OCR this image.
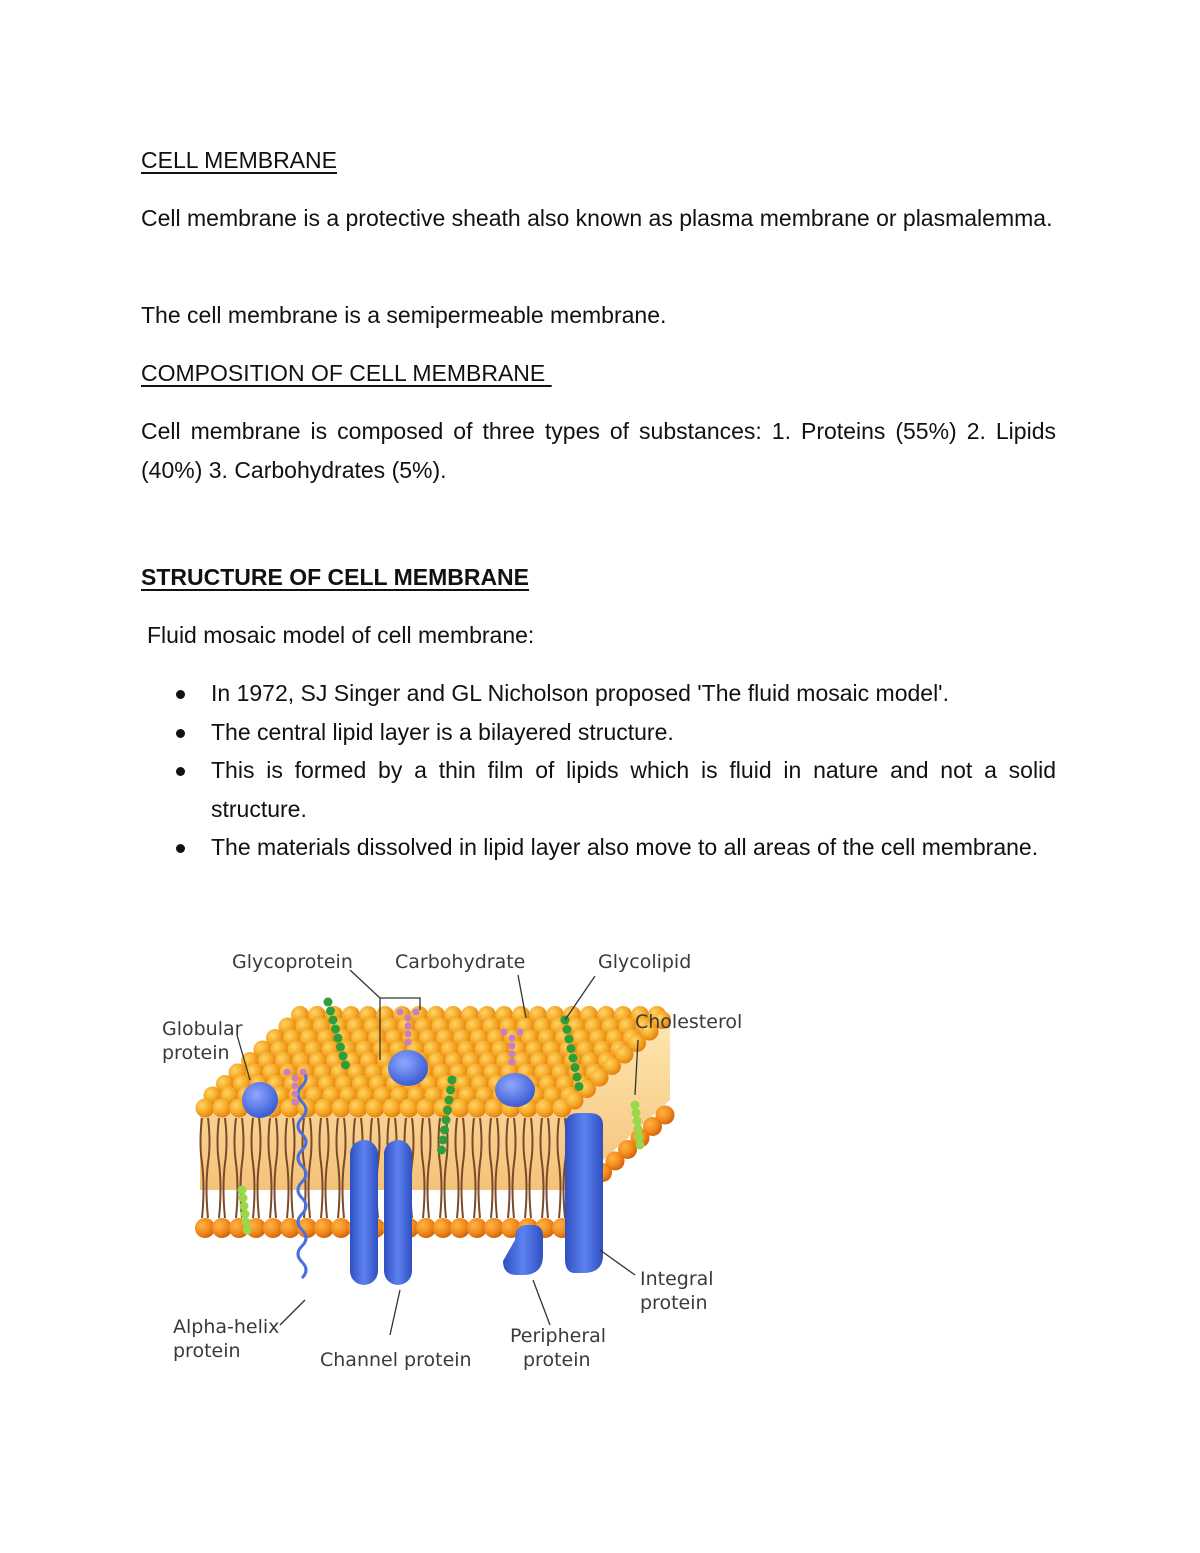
CELL MEMBRANE
Cell membrane is a protective sheath also known as plasma membrane or plasmalemma.
The cell membrane is a semipermeable membrane.
COMPOSITION OF CELL MEMBRANE
Cell membrane is composed of three types of substances: 1. Proteins (55%) 2. Lipids (40%) 3. Carbohydrates (5%).
STRUCTURE OF CELL MEMBRANE
Fluid mosaic model of cell membrane:
In 1972, SJ Singer and GL Nicholson proposed 'The fluid mosaic model'.
The central lipid layer is a bilayered structure.
This is formed by a thin film of lipids which is fluid in nature and not a solid structure.
The materials dissolved in lipid layer also move to all areas of the cell membrane.
Glycoprotein Carbohydrate	Glycolipid
Globular
protein
Cholesterol
Integral
protein
Alpha-helix
protein	Channel protein
Peripheral
protein
